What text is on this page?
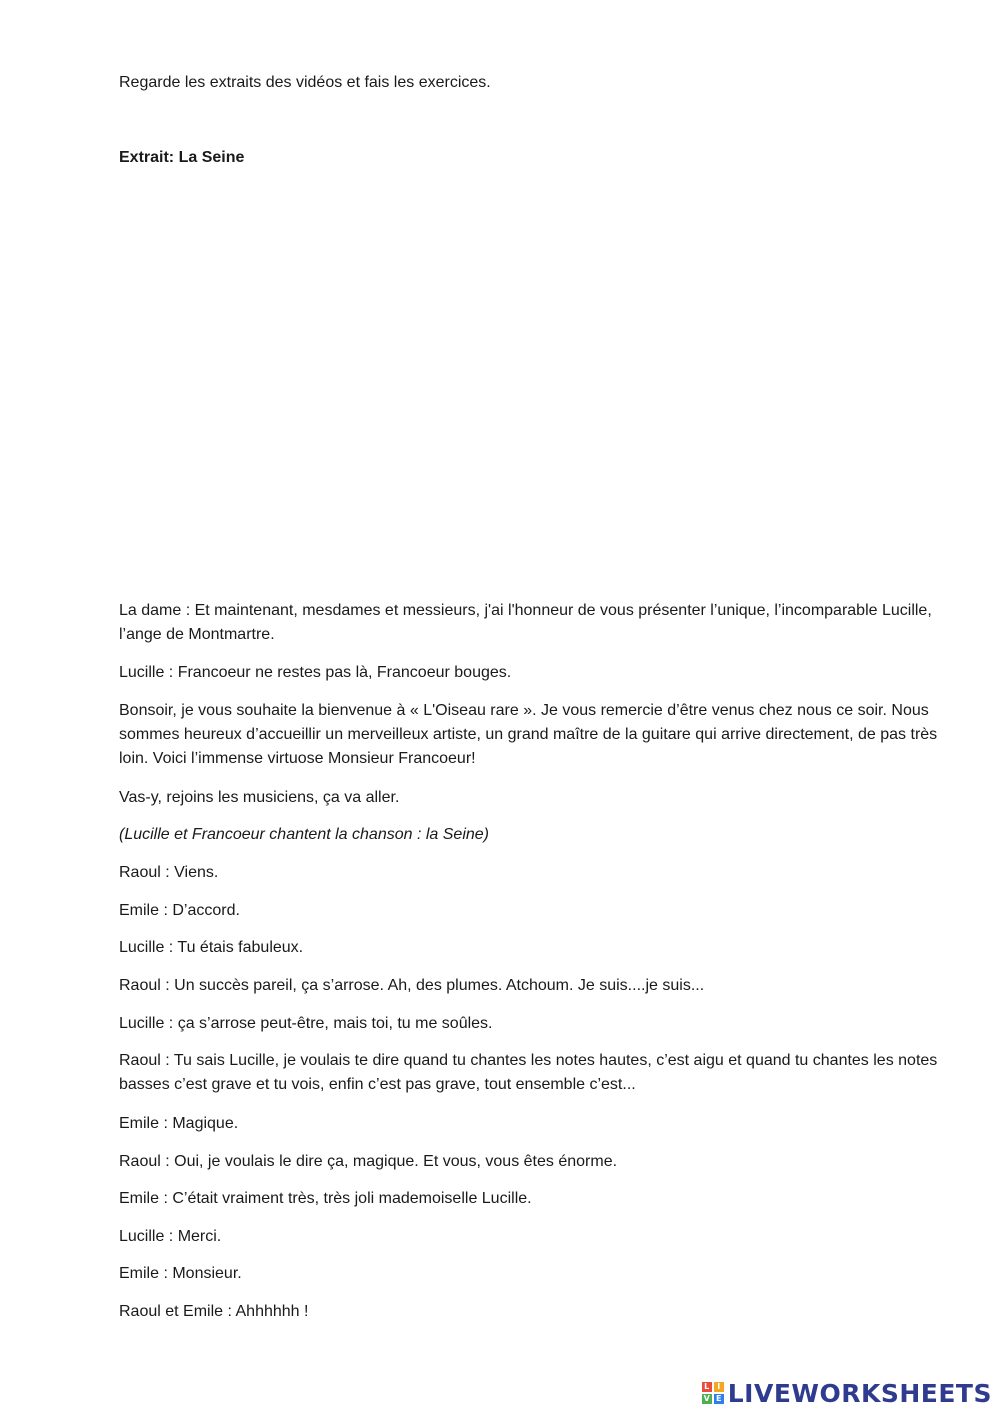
Regarde les extraits des vidéos et fais les exercices.

Extrait: La Seine

La dame : Et maintenant, mesdames et messieurs, j'ai l'honneur de vous présenter l’unique, l’incomparable Lucille, l’ange de Montmartre.

Lucille : Francoeur ne restes pas là, Francoeur bouges.

Bonsoir, je vous souhaite la bienvenue à « L'Oiseau rare ». Je vous remercie d’être venus chez nous ce soir. Nous sommes heureux d’accueillir un merveilleux artiste, un grand maître de la guitare qui arrive directement, de pas très loin. Voici l’immense virtuose Monsieur Francoeur!

Vas-y, rejoins les musiciens, ça va aller.

(Lucille et Francoeur chantent la chanson : la Seine)

Raoul : Viens.

Emile : D’accord.

Lucille : Tu étais fabuleux.

Raoul : Un succès pareil, ça s’arrose. Ah, des plumes. Atchoum. Je suis....je suis...

Lucille : ça s’arrose peut-être, mais toi, tu me soûles.

Raoul : Tu sais Lucille, je voulais te dire quand tu chantes les notes hautes, c’est aigu et quand tu chantes les notes basses c’est grave et tu vois, enfin c’est pas grave, tout ensemble c’est...

Emile : Magique.

Raoul : Oui, je voulais le dire ça, magique. Et vous, vous êtes énorme.

Emile : C’était vraiment très, très joli mademoiselle Lucille.

Lucille : Merci.

Emile : Monsieur.

Raoul et Emile : Ahhhhhh !

L I
V E LIVEWORKSHEETS
